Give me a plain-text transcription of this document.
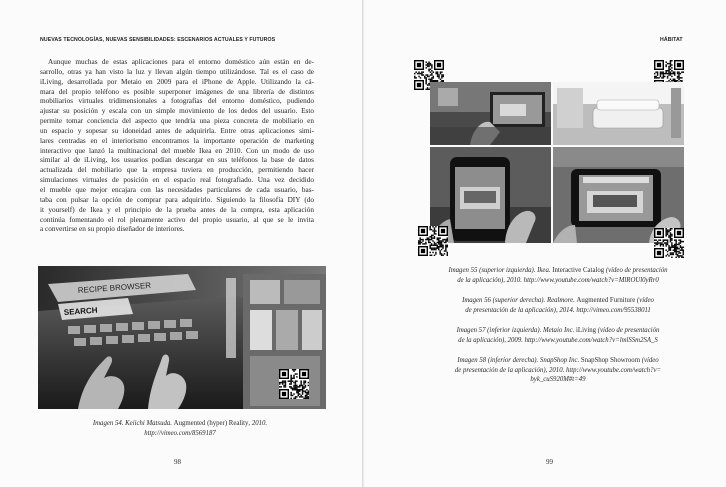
NUEVAS TECNOLOGÍAS, NUEVAS SENSIBILIDADES: ESCENARIOS ACTUALES Y FUTUROS
Aunque muchas de estas aplicaciones para el entorno doméstico aún están en de-
sarrollo, otras ya han visto la luz y llevan algún tiempo utilizándose. Tal es el caso de
iLiving, desarrollada por Metaio en 2009 para el iPhone de Apple. Utilizando la cá-
mara del propio teléfono es posible superponer imágenes de una librería de distintos
mobiliarios virtuales tridimensionales a fotografías del entorno doméstico, pudiendo
ajustar su posición y escala con un simple movimiento de los dedos del usuario. Esto
permite tomar conciencia del aspecto que tendría una pieza concreta de mobiliario en
un espacio y sopesar su idoneidad antes de adquirirla. Entre otras aplicaciones simi-
lares centradas en el interiorismo encontramos la importante operación de marketing
interactivo que lanzó la multinacional del mueble Ikea en 2010. Con un modo de uso
similar al de iLiving, los usuarios podían descargar en sus teléfonos la base de datos
actualizada del mobiliario que la empresa tuviera en producción, permitiendo hacer
simulaciones virtuales de posición en el espacio real fotografiado. Una vez decidido
el mueble que mejor encajara con las necesidades particulares de cada usuario, bas-
taba con pulsar la opción de comprar para adquirirlo. Siguiendo la filosofía DIY (do
it yourself) de Ikea y el principio de la prueba antes de la compra, esta aplicación
continúa fomentando el rol plenamente activo del propio usuario, al que se le invita
a convertirse en su propio diseñador de interiores.
RECIPE BROWSER
SEARCH
Imagen 54. Keiichi Matsuda. Augmented (hyper) Reality, 2010.
http://vimeo.com/8569187
98
HÁBITAT
Imagen 55 (superior izquierda). Ikea. Interactive Catalog (vídeo de presentación
de la aplicación), 2010. http://www.youtube.com/watch?v=MlROUl0yRr0
Imagen 56 (superior derecha). Realmore. Augmented Furniture (vídeo
de presentación de la aplicación), 2014. http://vimeo.com/95538011
Imagen 57 (inferior izquierda). Metaio Inc. iLiving (vídeo de presentación
de la aplicación), 2009. http://www.youtube.com/watch?v=lmlSSm2SA_S
Imagen 58 (inferior derecha). SnapShop Inc. SnapShop Showroom (vídeo
de presentación de la aplicación), 2010. http://www.youtube.com/watch?v=
byk_cuS920M#t=49
99
